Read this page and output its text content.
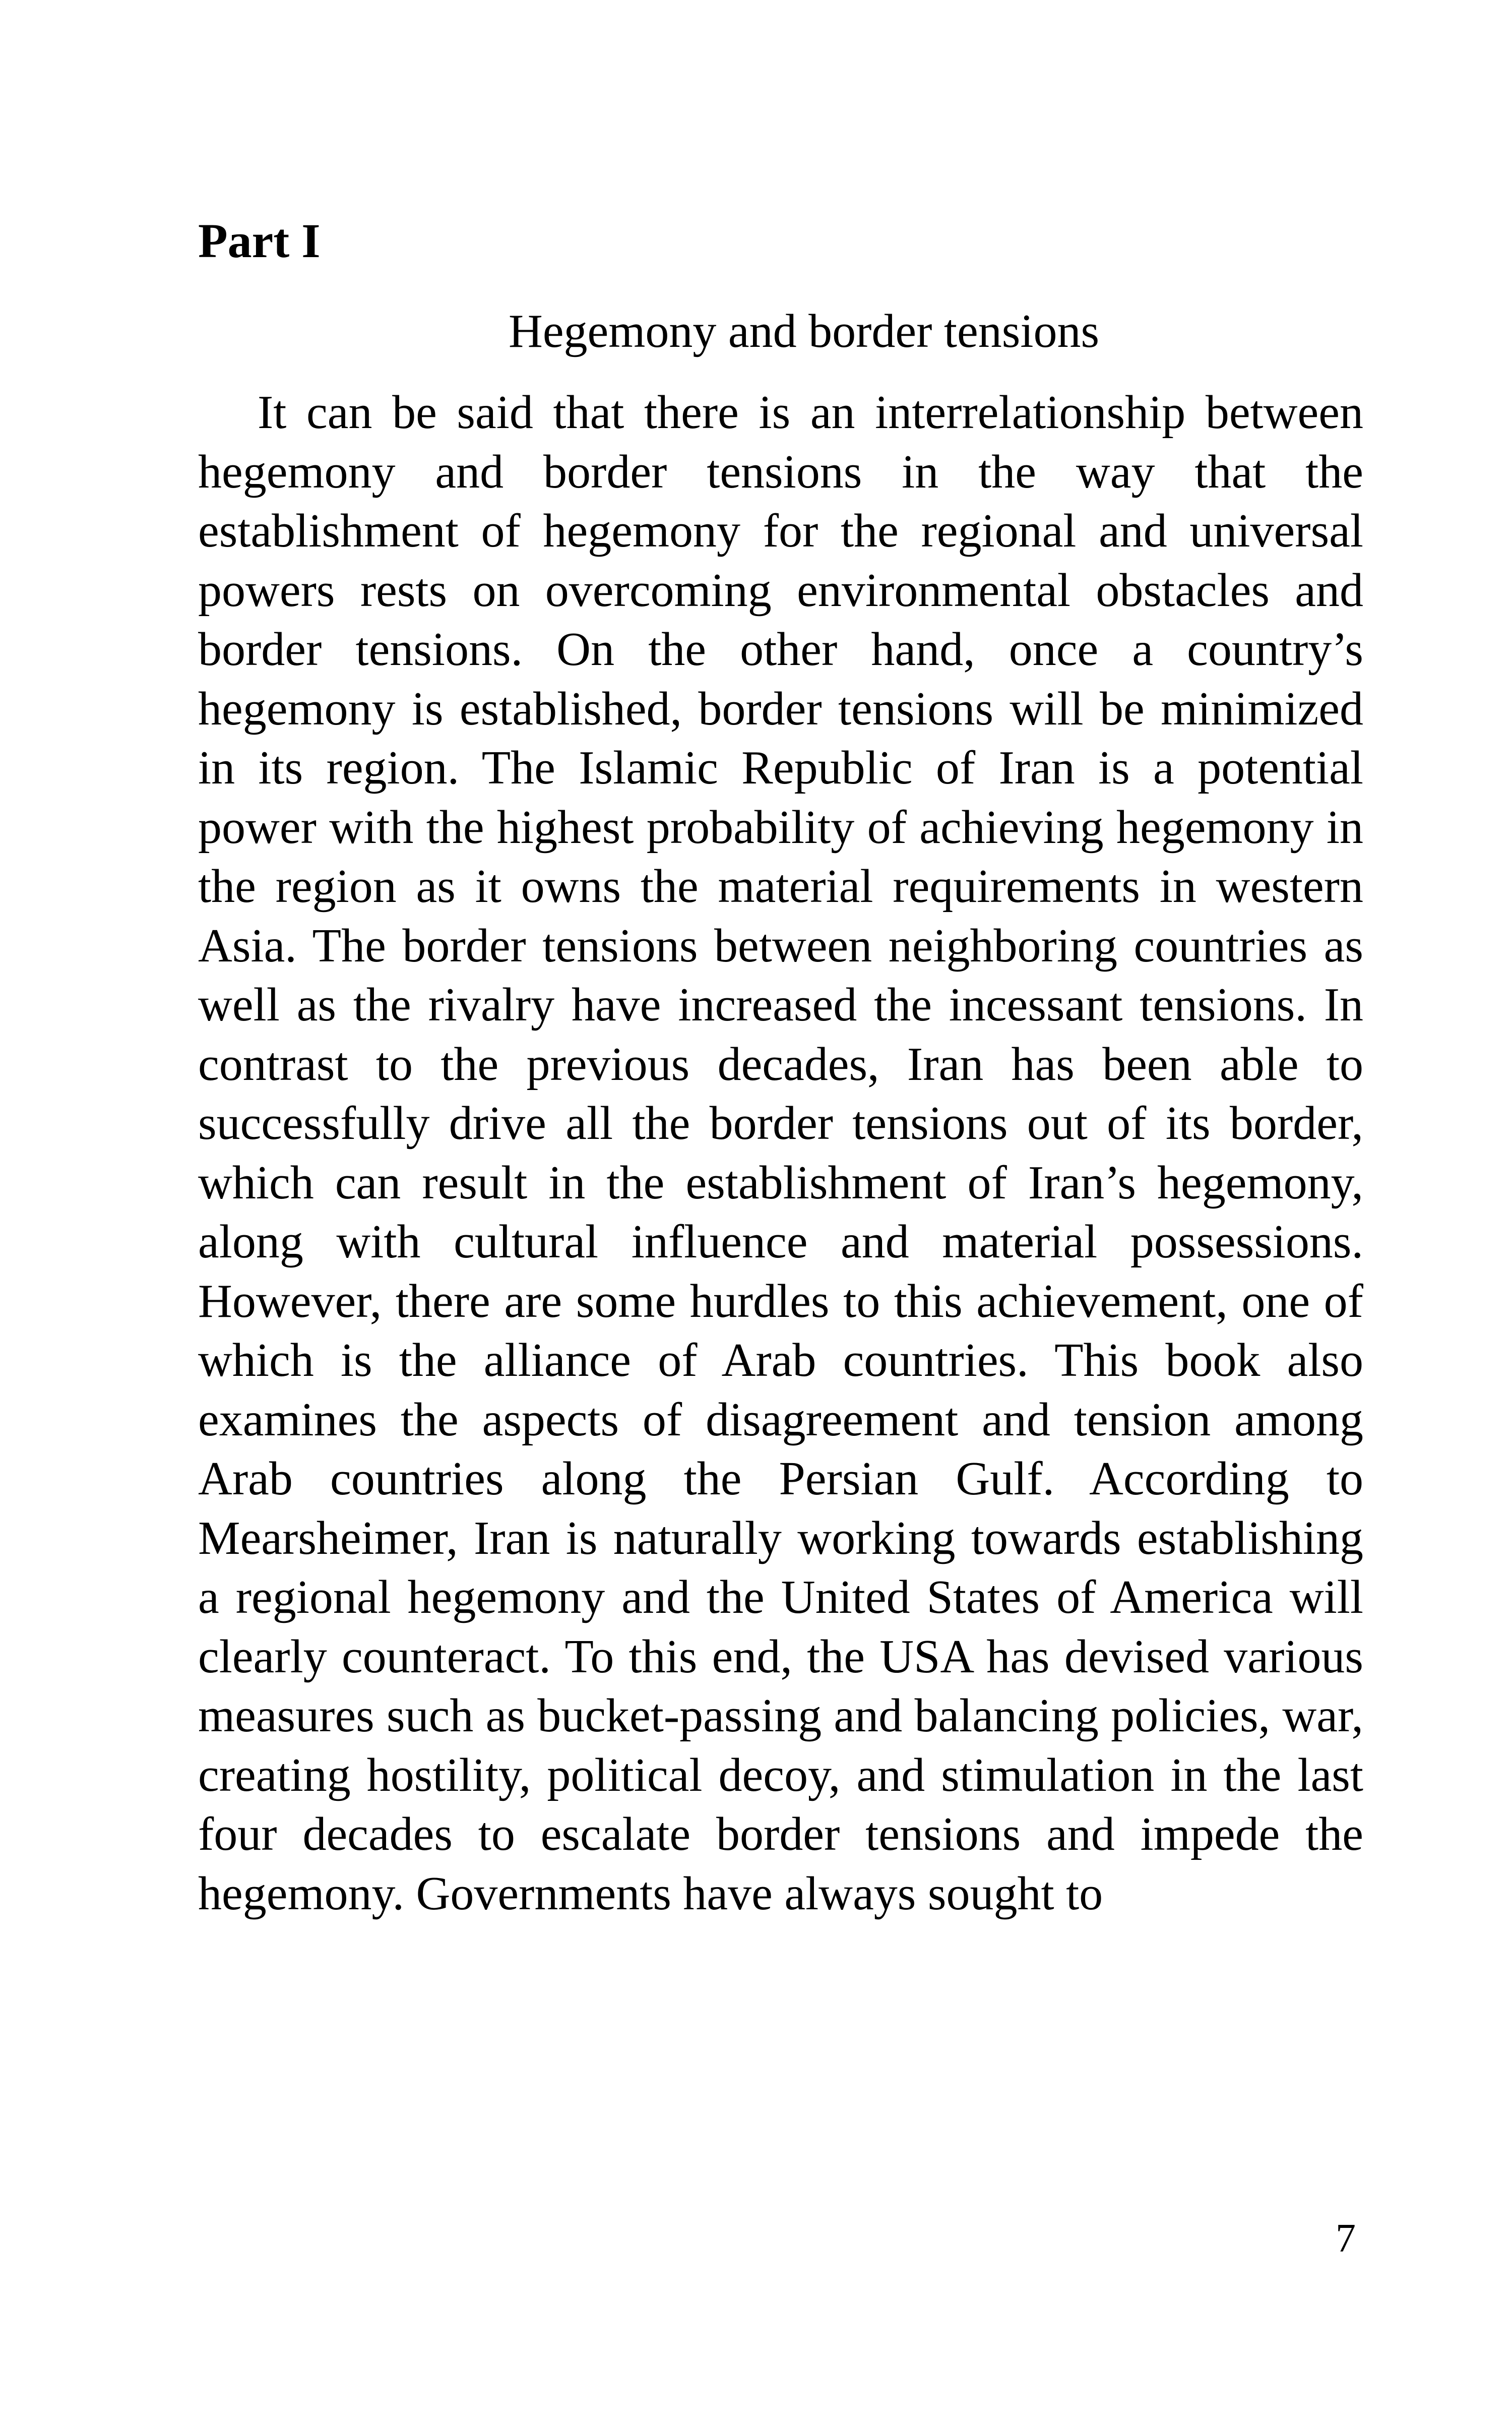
Part I
Hegemony and border tensions

It can be said that there is an interrelationship between hegemony and border tensions in the way that the establishment of hegemony for the regional and universal powers rests on overcoming environmental obstacles and border tensions. On the other hand, once a country’s hegemony is established, border tensions will be minimized in its region. The Islamic Republic of Iran is a potential power with the highest probability of achieving hegemony in the region as it owns the material requirements in western Asia. The border tensions between neighboring countries as well as the rivalry have increased the incessant tensions. In contrast to the previous decades, Iran has been able to successfully drive all the border tensions out of its border, which can result in the establishment of Iran’s hegemony, along with cultural influence and material possessions. However, there are some hurdles to this achievement, one of which is the alliance of Arab countries. This book also examines the aspects of disagreement and tension among Arab countries along the Persian Gulf. According to Mearsheimer, Iran is naturally working towards establishing a regional hegemony and the United States of America will clearly counteract. To this end, the USA has devised various measures such as bucket-passing and balancing policies, war, creating hostility, political decoy, and stimulation in the last four decades to escalate border tensions and impede the hegemony. Governments have always sought to

7
